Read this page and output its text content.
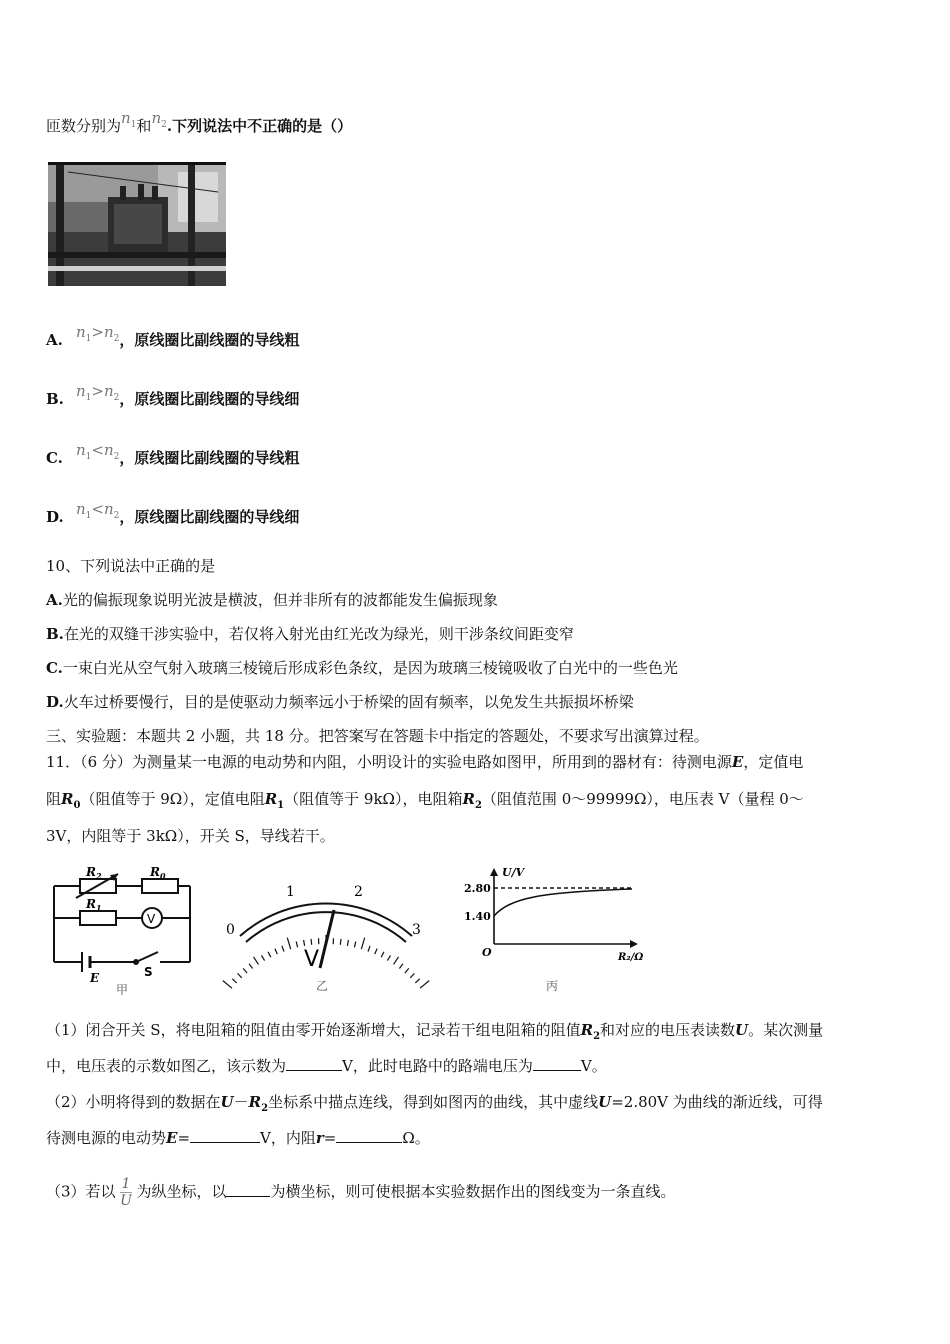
匝数分别为$n_1$和$n_2$.下列说法中不正确的是（）
A. $n_1>n_2$，原线圈比副线圈的导线粗
B. $n_1>n_2$，原线圈比副线圈的导线细
C. $n_1<n_2$，原线圈比副线圈的导线粗
D. $n_1<n_2$，原线圈比副线圈的导线细
10、下列说法中正确的是
A.光的偏振现象说明光波是横波，但并非所有的波都能发生偏振现象
B.在光的双缝干涉实验中，若仅将入射光由红光改为绿光，则干涉条纹间距变窄
C.一束白光从空气射入玻璃三棱镜后形成彩色条纹，是因为玻璃三棱镜吸收了白光中的一些色光
D.火车过桥要慢行，目的是使驱动力频率远小于桥梁的固有频率，以免发生共振损坏桥梁
三、实验题：本题共 2 小题，共 18 分。把答案写在答题卡中指定的答题处，不要求写出演算过程。
11．（6 分）为测量某一电源的电动势和内阻，小明设计的实验电路如图甲，所用到的器材有：待测电源E，定值电
阻$R_0$（阻值等于 9Ω），定值电阻$R_1$（阻值等于 9kΩ），电阻箱$R_2$（阻值范围 0～99999Ω），电压表 V（量程 0～
3V，内阻等于 3kΩ），开关 S，导线若干。
$R_2$	$R_0$
$R_1$
V
E	S
甲
0
1	2
3
V
乙
U/V
2.80
1.40
O	R₂/Ω
丙
（1）闭合开关 S，将电阻箱的阻值由零开始逐渐增大，记录若干组电阻箱的阻值$R_2$和对应的电压表读数U。某次测量
中，电压表的示数如图乙，该示数为	V，此时电路中的路端电压为	V。
（2）小明将得到的数据在$U-R_2$坐标系中描点连线，得到如图丙的曲线，其中虚线U=2.80V 为曲线的渐近线，可得
待测电源的电动势E=	V，内阻r=	Ω。
（3）若以 $\frac{1}{U}$ 为纵坐标，以	为横坐标，则可使根据本实验数据作出的图线变为一条直线。
